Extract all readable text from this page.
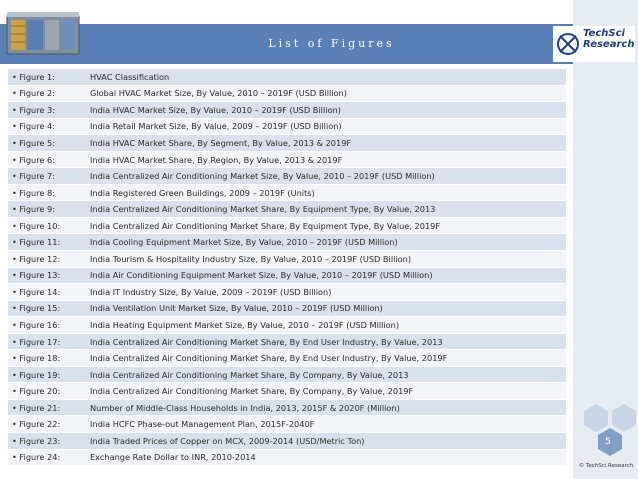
List of Figures
TechSci
Research
• Figure 1:	HVAC Classification
• Figure 2:	Global HVAC Market Size, By Value, 2010 – 2019F (USD Billion)
• Figure 3:	India HVAC Market Size, By Value, 2010 – 2019F (USD Billion)
• Figure 4:	India Retail Market Size, By Value, 2009 – 2019F (USD Billion)
• Figure 5:	India HVAC Market Share, By Segment, By Value, 2013 & 2019F
• Figure 6:	India HVAC Market Share, By Region, By Value, 2013 & 2019F
• Figure 7:	India Centralized Air Conditioning Market Size, By Value, 2010 – 2019F (USD Million)
• Figure 8:	India Registered Green Buildings, 2009 – 2019F (Units)
• Figure 9:	India Centralized Air Conditioning Market Share, By Equipment Type, By Value, 2013
• Figure 10:	India Centralized Air Conditioning Market Share, By Equipment Type, By Value, 2019F
• Figure 11:	India Cooling Equipment Market Size, By Value, 2010 – 2019F (USD Million)
• Figure 12:	India Tourism & Hospitality Industry Size, By Value, 2010 – 2019F (USD Billion)
• Figure 13:	India Air Conditioning Equipment Market Size, By Value, 2010 – 2019F (USD Million)
• Figure 14:	India IT Industry Size, By Value, 2009 – 2019F (USD Billion)
• Figure 15:	India Ventilation Unit Market Size, By Value, 2010 – 2019F (USD Million)
• Figure 16:	India Heating Equipment Market Size, By Value, 2010 – 2019F (USD Million)
• Figure 17:	India Centralized Air Conditioning Market Share, By End User Industry, By Value, 2013
• Figure 18:	India Centralized Air Conditioning Market Share, By End User Industry, By Value, 2019F
• Figure 19:	India Centralized Air Conditioning Market Share, By Company, By Value, 2013
• Figure 20:	India Centralized Air Conditioning Market Share, By Company, By Value, 2019F
• Figure 21:	Number of Middle-Class Households in India, 2013, 2015F & 2020F (Million)
• Figure 22:	India HCFC Phase-out Management Plan, 2015F-2040F
• Figure 23:	India Traded Prices of Copper on MCX, 2009-2014 (USD/Metric Ton)
• Figure 24:	Exchange Rate Dollar to INR, 2010-2014
5
© TechSci Research
